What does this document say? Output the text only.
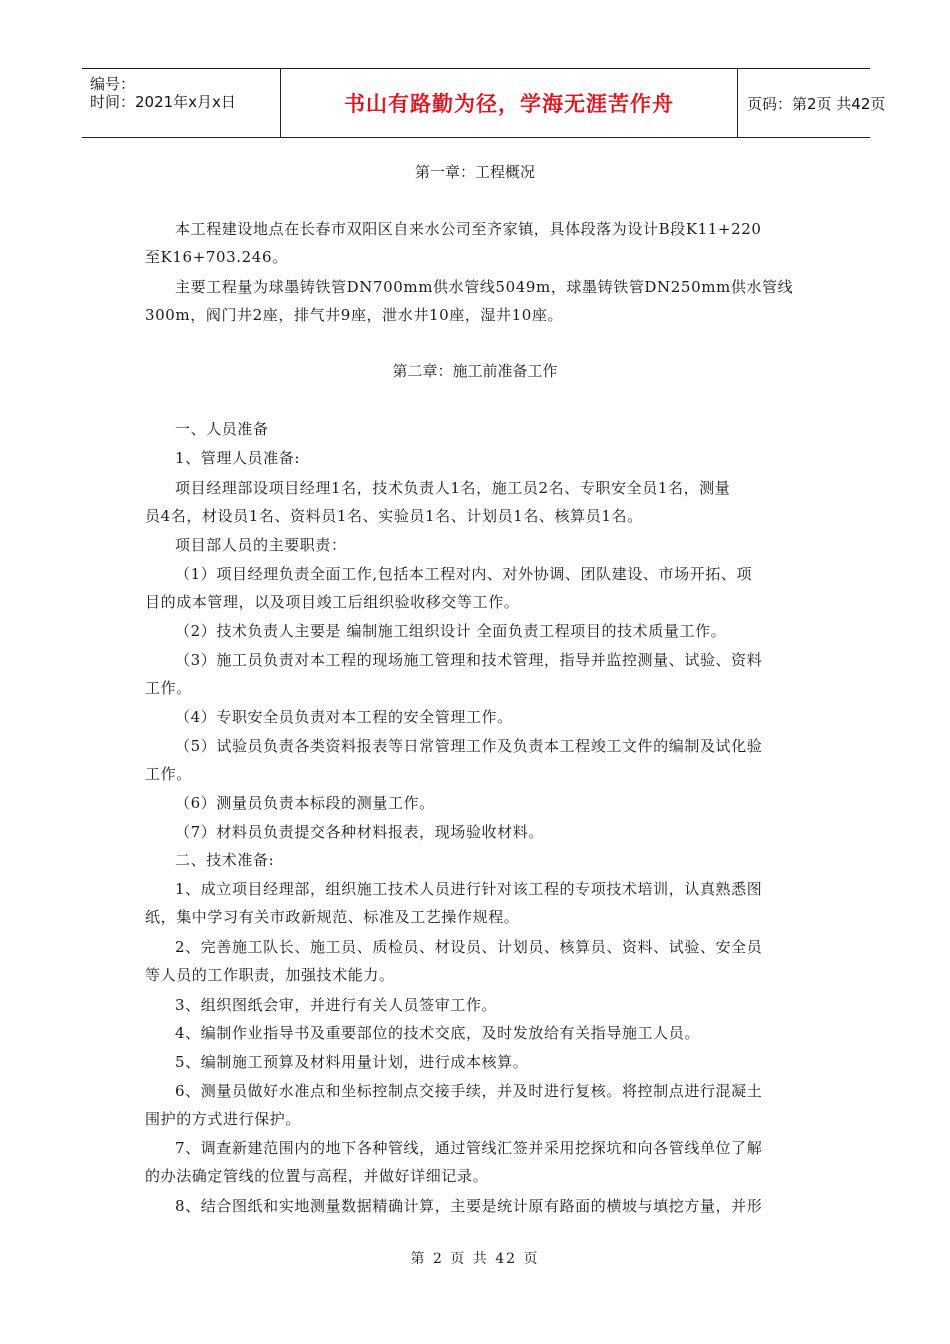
编号：
时间：2021年x月x日	书山有路勤为径，学海无涯苦作舟	页码：第2页 共42页
第一章：工程概况
本工程建设地点在长春市双阳区自来水公司至齐家镇，具体段落为设计B段K11+220
至K16+703.246。
主要工程量为球墨铸铁管DN700mm供水管线5049m，球墨铸铁管DN250mm供水管线
300m，阀门井2座，排气井9座，泄水井10座，湿井10座。
第二章：施工前准备工作
一、人员准备
1、管理人员准备:
项目经理部设项目经理1名，技术负责人1名，施工员2名、专职安全员1名，测量
员4名，材设员1名、资料员1名、实验员1名、计划员1名、核算员1名。
项目部人员的主要职责：
（1）项目经理负责全面工作,包括本工程对内、对外协调、团队建设、市场开拓、项
目的成本管理，以及项目竣工后组织验收移交等工作。
（2）技术负责人主要是 编制施工组织设计 全面负责工程项目的技术质量工作。
（3）施工员负责对本工程的现场施工管理和技术管理，指导并监控测量、试验、资料
工作。
（4）专职安全员负责对本工程的安全管理工作。
（5）试验员负责各类资料报表等日常管理工作及负责本工程竣工文件的编制及试化验
工作。
（6）测量员负责本标段的测量工作。
（7）材料员负责提交各种材料报表，现场验收材料。
二、技术准备:
1、成立项目经理部，组织施工技术人员进行针对该工程的专项技术培训，认真熟悉图
纸，集中学习有关市政新规范、标准及工艺操作规程。
2、完善施工队长、施工员、质检员、材设员、计划员、核算员、资料、试验、安全员
等人员的工作职责，加强技术能力。
3、组织图纸会审，并进行有关人员签审工作。
4、编制作业指导书及重要部位的技术交底，及时发放给有关指导施工人员。
5、编制施工预算及材料用量计划，进行成本核算。
6、测量员做好水准点和坐标控制点交接手续，并及时进行复核。将控制点进行混凝土
围护的方式进行保护。
7、调查新建范围内的地下各种管线，通过管线汇签并采用挖探坑和向各管线单位了解
的办法确定管线的位置与高程，并做好详细记录。
8、结合图纸和实地测量数据精确计算，主要是统计原有路面的横坡与填挖方量，并形
第 2 页 共 42 页
